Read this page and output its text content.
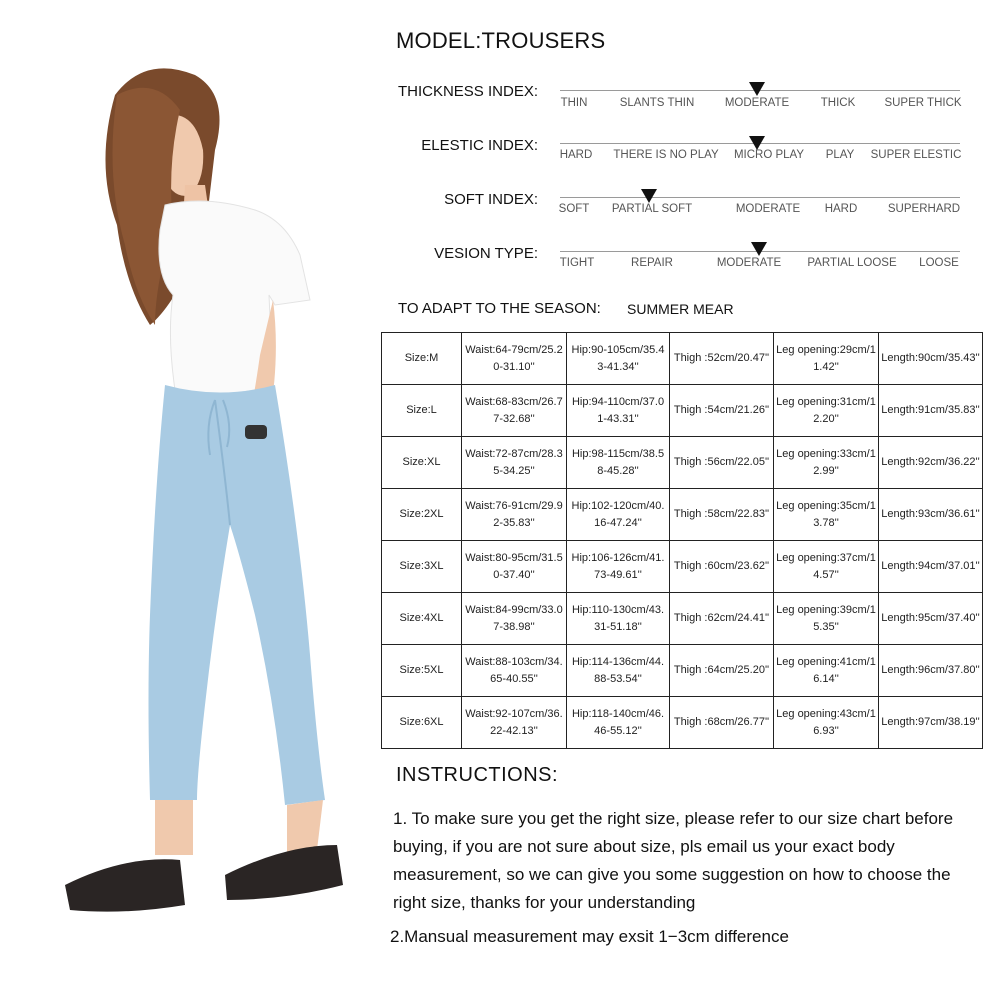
MODEL:TROUSERS
THICKNESS INDEX:
THIN	SLANTS THIN	MODERATE	THICK	SUPER THICK
ELESTIC INDEX:
HARD THERE IS NO PLAY MICRO PLAY PLAY SUPER ELESTIC
SOFT INDEX:
SOFT PARTIAL SOFT	MODERATE HARD	SUPERHARD
VESION TYPE:
TIGHT	REPAIR	MODERATE PARTIAL LOOSE LOOSE
TO ADAPT TO THE SEASON: SUMMER MEAR
Size:M	Waist:64-79cm/25.20-31.10''	Hip:90-105cm/35.43-41.34''	Thigh :52cm/20.47''	Leg opening:29cm/11.42''	Length:90cm/35.43''
Size:L	Waist:68-83cm/26.77-32.68''	Hip:94-110cm/37.01-43.31''	Thigh :54cm/21.26''	Leg opening:31cm/12.20''	Length:91cm/35.83''
Size:XL	Waist:72-87cm/28.35-34.25''	Hip:98-115cm/38.58-45.28''	Thigh :56cm/22.05''	Leg opening:33cm/12.99''	Length:92cm/36.22''
Size:2XL	Waist:76-91cm/29.92-35.83''	Hip:102-120cm/40.16-47.24''	Thigh :58cm/22.83''	Leg opening:35cm/13.78''	Length:93cm/36.61''
Size:3XL	Waist:80-95cm/31.50-37.40''	Hip:106-126cm/41.73-49.61''	Thigh :60cm/23.62''	Leg opening:37cm/14.57''	Length:94cm/37.01''
Size:4XL	Waist:84-99cm/33.07-38.98''	Hip:110-130cm/43.31-51.18''	Thigh :62cm/24.41''	Leg opening:39cm/15.35''	Length:95cm/37.40''
Size:5XL	Waist:88-103cm/34.65-40.55''	Hip:114-136cm/44.88-53.54''	Thigh :64cm/25.20''	Leg opening:41cm/16.14''	Length:96cm/37.80''
Size:6XL	Waist:92-107cm/36.22-42.13''	Hip:118-140cm/46.46-55.12''	Thigh :68cm/26.77''	Leg opening:43cm/16.93''	Length:97cm/38.19''
INSTRUCTIONS:
1. To make sure you get the right size, please refer to our size chart before buying, if you are not sure about size, pls email us your exact body measurement, so we can give you some suggestion on how to choose the right size, thanks for your understanding
2.Mansual measurement may exsit 1−3cm difference
